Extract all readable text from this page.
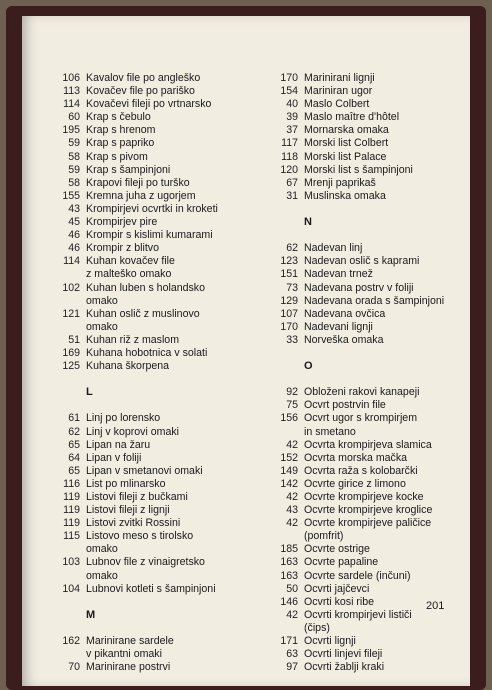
106 Kavalov file po angleško
113 Kovačev file po pariško
114 Kovačevi fileji po vrtnarsko
60 Krap s čebulo
195 Krap s hrenom
59 Krap s papriko
58 Krap s pivom
59 Krap s šampinjoni
58 Krapovi fileji po turško
155 Kremna juha z ugorjem
43 Krompirjevi ocvrtki in kroketi
45 Krompirjev pire
46 Krompir s kislimi kumarami
46 Krompir z blitvo
114 Kuhan kovačev file
z malteško omako
102 Kuhan luben s holandsko
omako
121 Kuhan oslič z muslinovo
omako
51 Kuhan riž z maslom
169 Kuhana hobotnica v solati
125 Kuhana škorpena
L
61 Linj po lorensko
62 Linj v koprovi omaki
65 Lipan na žaru
64 Lipan v foliji
65 Lipan v smetanovi omaki
116 List po mlinarsko
119 Listovi fileji z bučkami
119 Listovi fileji z lignji
119 Listovi zvitki Rossini
115 Listovo meso s tirolsko
omako
103 Lubnov file z vinaigretsko
omako
104 Lubnovi kotleti s šampinjoni
M
162 Marinirane sardele
v pikantni omaki
70 Marinirane postrvi
170 Marinirani lignji
154 Mariniran ugor
40 Maslo Colbert
39 Maslo maître d'hôtel
37 Mornarska omaka
117 Morski list Colbert
118 Morski list Palace
120 Morski list s šampinjoni
67 Mrenji paprikaš
31 Muslinska omaka
N
62 Nadevan linj
123 Nadevan oslič s kaprami
151 Nadevan trnež
73 Nadevana postrv v foliji
129 Nadevana orada s šampinjoni
107 Nadevana ovčica
170 Nadevani lignji
33 Norveška omaka
O
92 Obloženi rakovi kanapeji
75 Ocvrt postrvin file
156 Ocvrt ugor s krompirjem
in smetano
42 Ocvrta krompirjeva slamica
152 Ocvrta morska mačka
149 Ocvrta raža s kolobarčki
142 Ocvrte girice z limono
42 Ocvrte krompirjeve kocke
43 Ocvrte krompirjeve kroglice
42 Ocvrte krompirjeve paličice
(pomfrit)
185 Ocvrte ostrige
163 Ocvrte papaline
163 Ocvrte sardele (inčuni)
50 Ocvrti jajčevci
146 Ocvrti kosi ribe
42 Ocvrti krompirjevi lističi
(čips)
171 Ocvrti lignji
63 Ocvrti linjevi fileji
97 Ocvrti žablji kraki
201
